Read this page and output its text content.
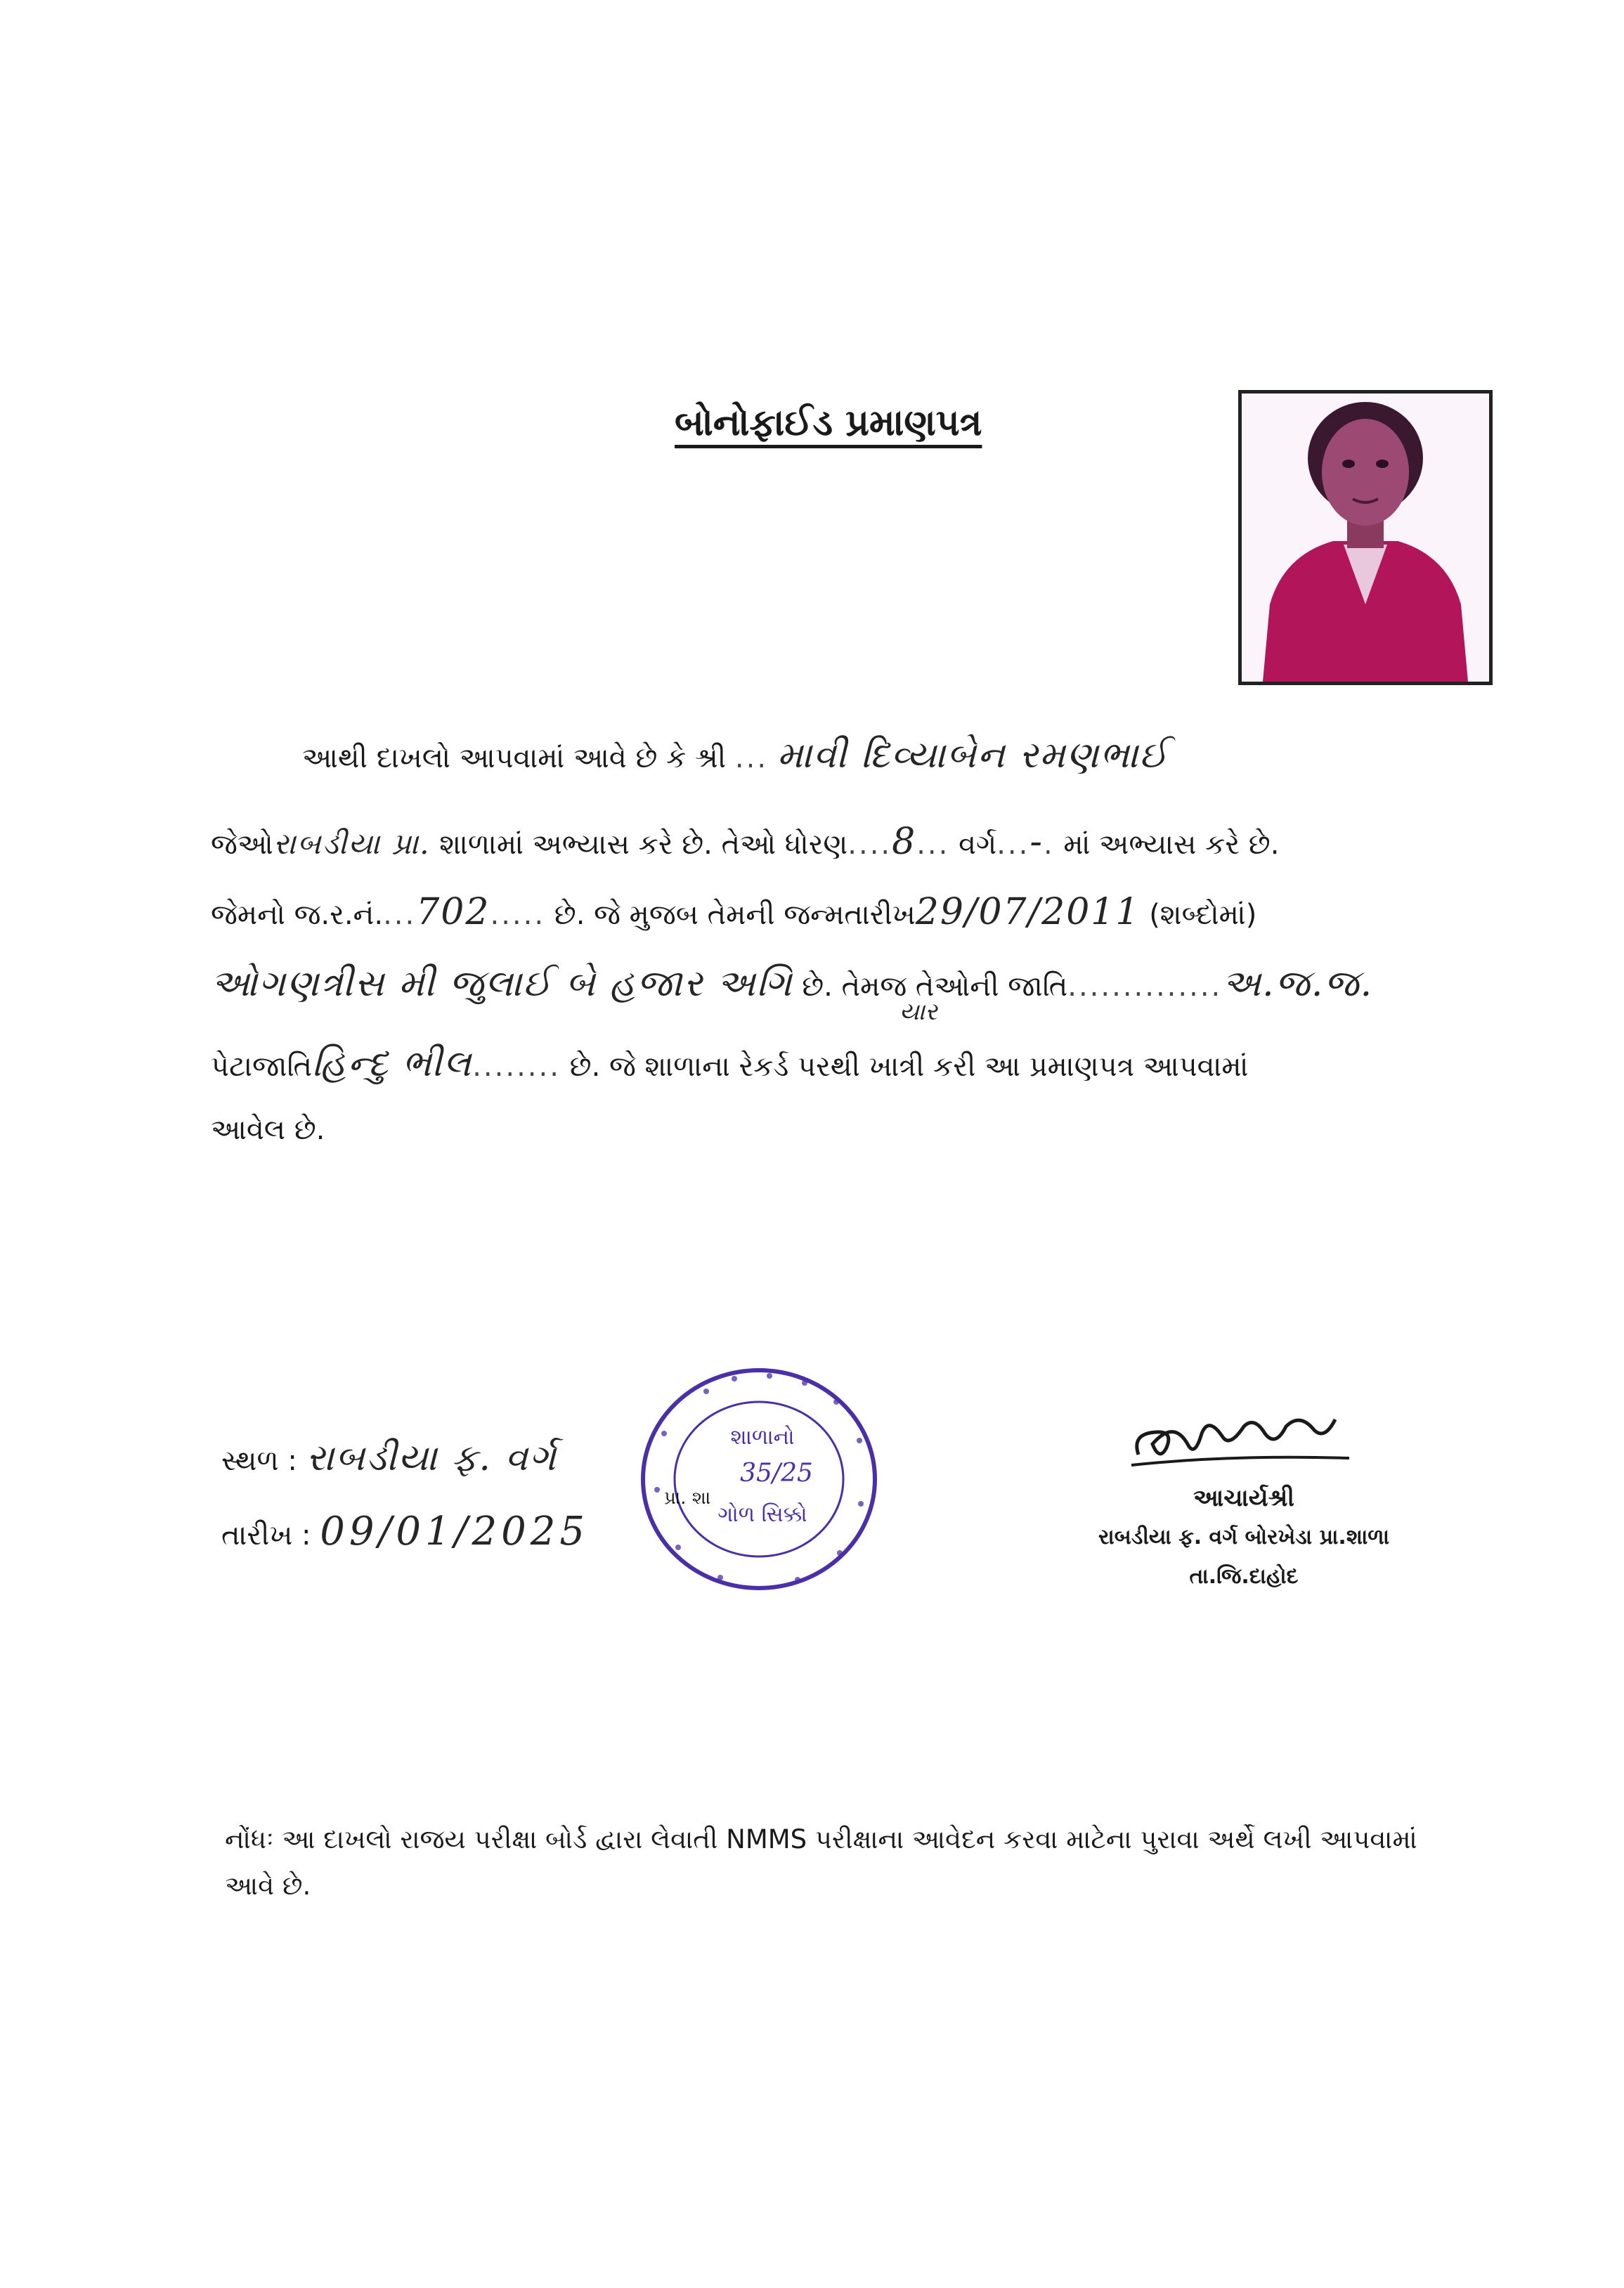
બોનોફાઈડ પ્રમાણપત્ર
આથી દાખલો આપવામાં આવે છે કે શ્રી ... માવી દિવ્યાબેન રમણભાઈ
જેઓરાબડીયા પ્રા. શાળામાં અભ્યાસ કરે છે. તેઓ ધોરણ....8... વર્ગ...-. માં અભ્યાસ કરે છે.
જેમનો જ.ર.નં....702..... છે. જે મુજબ તેમની જન્મતારીખ29/07/2011 (શબ્દોમાં)
ઓગણત્રીસ મી જુલાઈ બે હજાર અગિ છે. તેમજ તેઓની જાતિ..............અ.જ.જ.
યાર
પેટાજાતિહિન્દુ ભીલ........ છે. જે શાળાના રેકર્ડ પરથી ખાત્રી કરી આ પ્રમાણપત્ર આપવામાં
આવેલ છે.
સ્થળ : રાબડીયા ફ. વર્ગ
તારીખ : 09/01/2025
શાળાનો
35/25
ગોળ સિક્કો
પ્રા. શા	આચાર્યશ્રી
રાબડીયા ફ. વર્ગ બોરખેડા પ્રા.શાળા
તા.જિ.દાહોદ
નોંધઃ આ દાખલો રાજય પરીક્ષા બોર્ડ દ્વારા લેવાતી NMMS પરીક્ષાના આવેદન કરવા માટેના પુરાવા અર્થે લખી આપવામાં આવે છે.
